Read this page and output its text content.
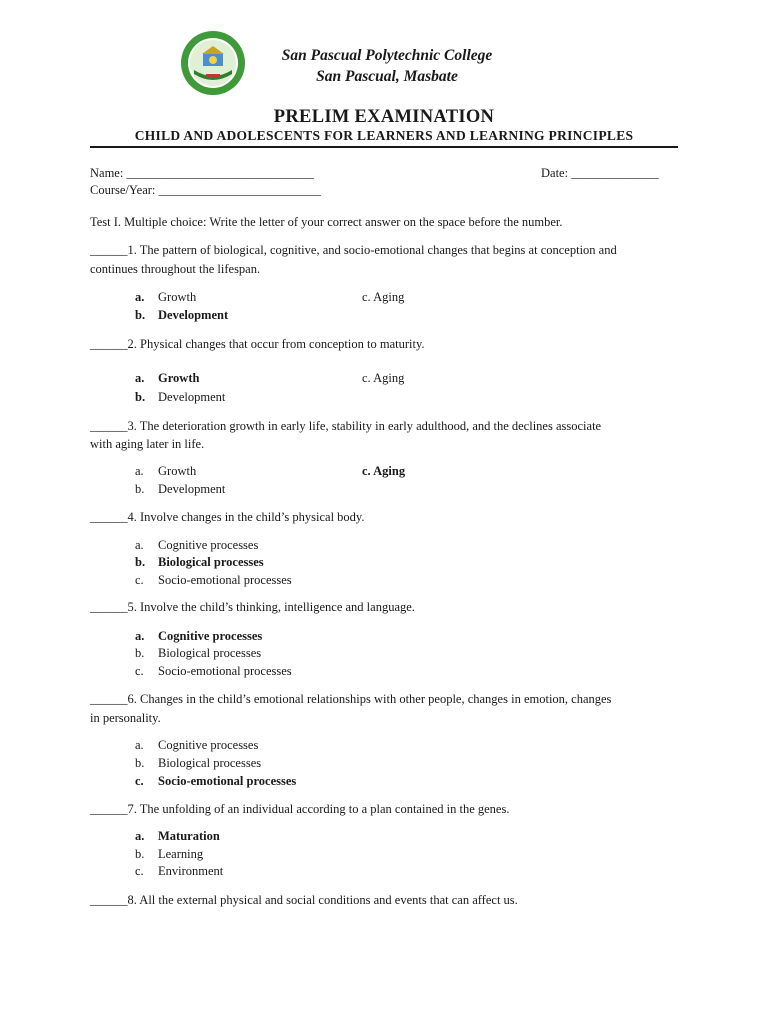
San Pascual Polytechnic College
San Pascual, Masbate
PRELIM EXAMINATION
CHILD AND ADOLESCENTS FOR LEARNERS AND LEARNING PRINCIPLES
Name: ______________________________	Date: ______________
Course/Year: __________________________
Test I. Multiple choice: Write the letter of your correct answer on the space before the number.
______1. The pattern of biological, cognitive, and socio-emotional changes that begins at conception and
continues throughout the lifespan.
a. Growth
b. Development
c. Aging
______2. Physical changes that occur from conception to maturity.
a. Growth
b. Development
c. Aging
______3. The deterioration growth in early life, stability in early adulthood, and the declines associate
with aging later in life.
a. Growth
b. Development
c. Aging
______4. Involve changes in the child’s physical body.
a. Cognitive processes
b. Biological processes
c. Socio-emotional processes
______5. Involve the child’s thinking, intelligence and language.
a. Cognitive processes
b. Biological processes
c. Socio-emotional processes
______6. Changes in the child’s emotional relationships with other people, changes in emotion, changes
in personality.
a. Cognitive processes
b. Biological processes
c. Socio-emotional processes
______7. The unfolding of an individual according to a plan contained in the genes.
a. Maturation
b. Learning
c. Environment
______8. All the external physical and social conditions and events that can affect us.
